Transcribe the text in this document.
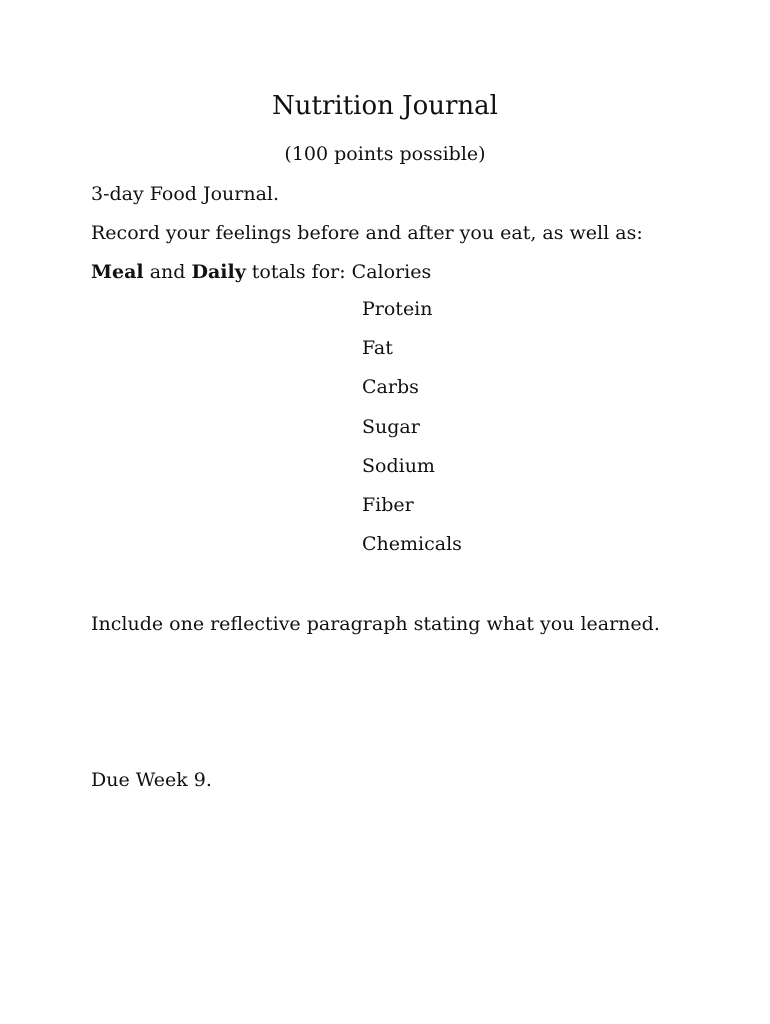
Nutrition Journal
(100 points possible)
3-day Food Journal.
Record your feelings before and after you eat, as well as:
Meal and Daily totals for: Calories
Protein
Fat
Carbs
Sugar
Sodium
Fiber
Chemicals
Include one reflective paragraph stating what you learned.
Due Week 9.
